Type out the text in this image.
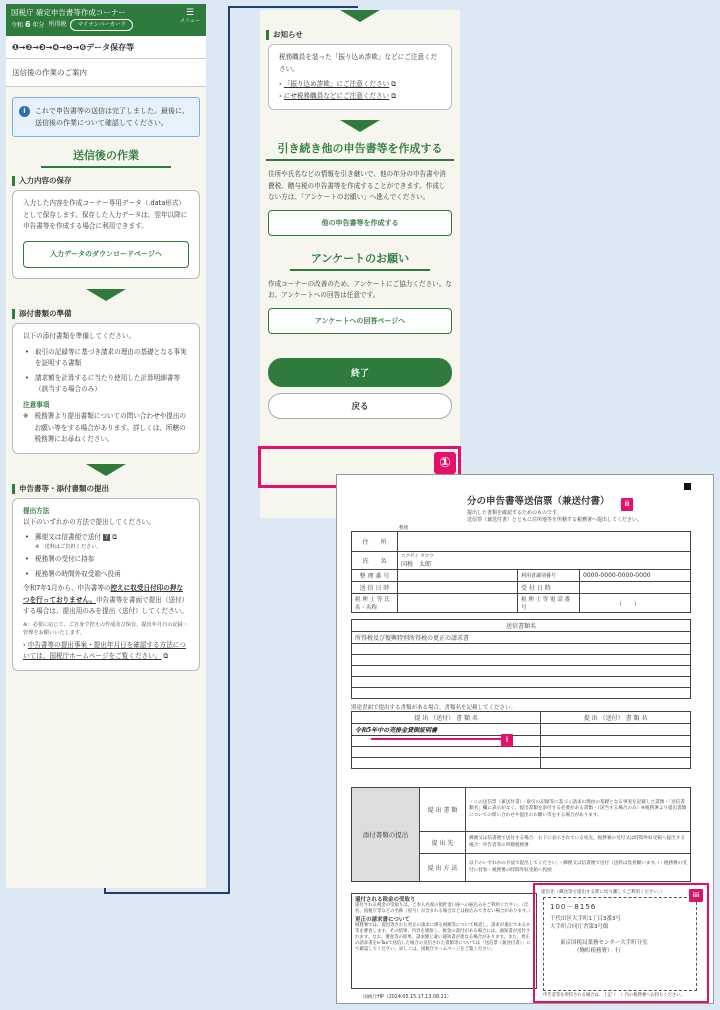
国税庁 確定申告書等作成コーナー
令和 6 年分 所得税	マイナンバーカード
☰
メニュー
❶→❷→❸→❹→❺→❻データ保存等
送信後の作業のご案内
i	これで申告書等の送信は完了しました。最後に、送信後の作業について確認してください。
送信後の作業
入力内容の保存
入力した内容を作成コーナー専用データ（.data形式）として保存します。保存した入力データは、翌年以降に申告書等を作成する場合に利用できます。
入力データのダウンロードページへ
添付書類の準備
以下の添付書類を準備してください。
• 取引の記録等に基づき請求の理由の基礎となる事実を証明する書類
• 請求額を計算するに当たり使用した計算明細書等（該当する場合のみ）
注意事項
※ 税務署より提出書類についての問い合わせや提出のお願い等をする場合があります。詳しくは、所轄の税務署にお尋ねください。
申告書等・添付書類の提出
提出方法
以下のいずれかの方法で提出してください。
• 郵便又は信書便で送付 ? ⧉
※　送料はご負担ください。
• 税務署の受付に持参
• 税務署の時間外収受箱へ投函
令和7年1月から、申告書等の控えに収受日付印の押なつを行っておりません。申告書等を書面で提出（送付）する場合は、提出用のみを提出（送付）してください。
※：必要に応じて、ご自身で控えの作成及び保有、提出年月日の記録・管理をお願いいたします。
› 申告書等の提出事案・提出年月日を確認する方法については、国税庁ホームページをご覧ください。 ⧉
お知らせ
税務職員を装った「振り込め詐欺」などにご注意ください。
› 「振り込め詐欺」にご注意ください ⧉
› にせ税務職員などにご注意ください ⧉
引き続き他の申告書等を作成する
住所や氏名などの情報を引き継いで、他の年分の申告書や消費税、贈与税の申告書等を作成することができます。作成しない方は、「アンケートのお願い」へ進んでください。
他の申告書等を作成する
アンケートのお願い
作成コーナーの改善のため、アンケートにご協力ください。なお、アンケートへの回答は任意です。
アンケートへの回答ページへ
終了
戻る
①
分の申告書等送信票（兼送付書）	ii
提出した書類を確認するためのものです。
送信票（兼送付書）とともに住所地等を所轄する税務署へ提出してください。
整理
住　　所			
氏　　名	コクゼイ タロウ
国税　太郎		

整 理 番 号		利用者識別番号	0000-0000-0000-0000
送 信 日 時		受 付 日 時	
税 理 士 等 氏名・名称		税 理 士 等 電 話 番 号	（　　）
送信書類名
所得税及び復興特別所得税の更正の請求書

別途書面で提出する書類がある場合、書類名を記載してください。
提 出 （送付） 書 類 名	提 出 （送付） 書 類 名
令和5年中の売掛金貸倒証明書	

i
添付書類の提出	提 出 書 類	・この送信票（兼送付書）・取引の記録等に基づく請求の理由の基礎となる事実を記載した書類・「送信書類名」欄に表示がなく、提出書類を添付する必要がある書類・（該当する場合のみ）※税務署より提出書類についての問い合わせや提出のお願い等をする場合があります。
	提 出 先	郵便又は信書便で送付する場合：右下に表示されている宛先。税務署の受付又は時間外収受箱へ提出する場合：申告者等の所轄税務署
	提 出 方 法	以下のいずれかの方法で提出してください。・郵便又は信書便で送付（送料は負担願います。）・税務署の受付に持参・税務署の時間外収受箱へ投函
還付される税金の受取り
還付される税金の受取りは、ご本人名義の預貯金口座への振込みをご利用ください。（氏名、国税庁等などの名称（屋号）が含まれる場合などは振込みできない場合があります。）
更正の請求書について
税務署では、提出等された更正の請求に係る税額等について検査し、請求が適正であるか等を審査します。その結果、内容を連絡し、税金の還付がある場合には、通知書が送付されます。なお、審査等の結果、請求額と違い通知書が異なる場合があります。また、更正の請求書をe-Taxで送信した場合の送信された書類等については「送信票（兼送付書）」にて確認してください。詳しくは、国税庁ホームページをご覧ください。
国税庁HP（2024.05.15.17.13.08.21）
iii
提出先（郵送等で提出する際に切り離してご利用ください。）
100－8156
千代田区大手町1丁目3番3号
大手町合同庁舎第3号館
東京国税局業務センター大手町分室
（麹町税務署）　行
申告者等を所持される場合は、上記（　）内の税務署へお持ちください。
